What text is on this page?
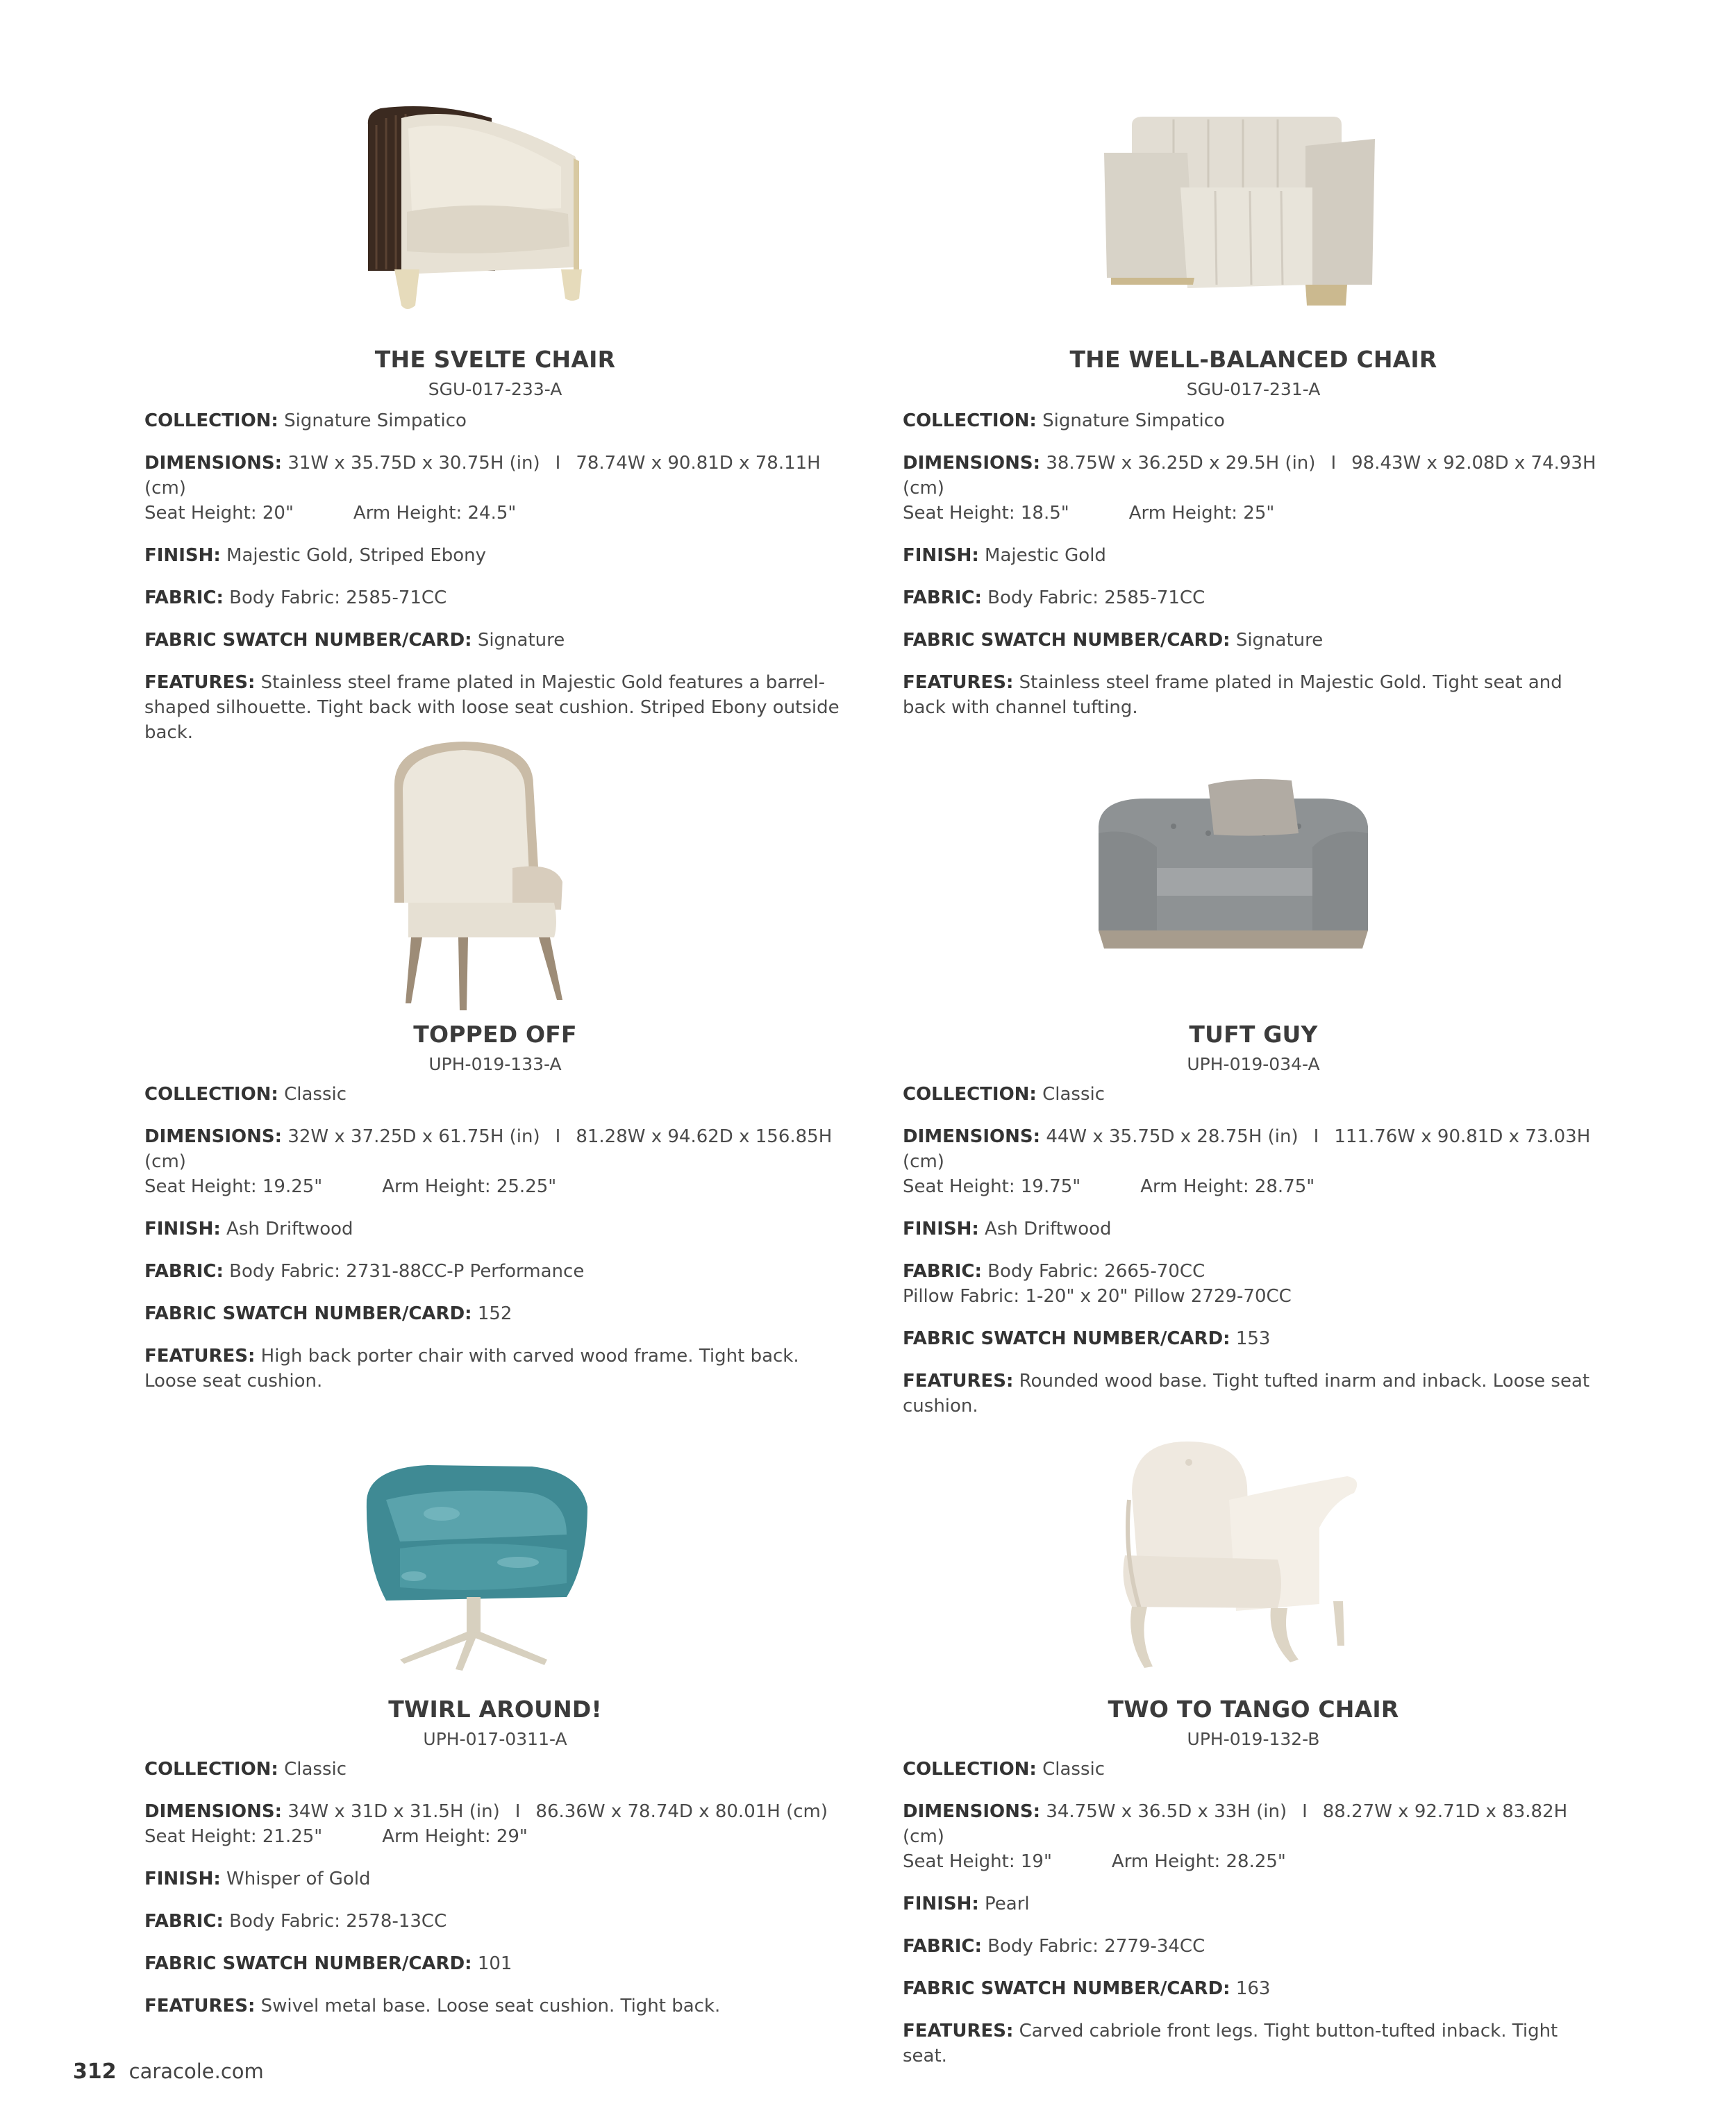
THE SVELTE CHAIR
SGU-017-233-A
COLLECTION: Signature Simpatico
DIMENSIONS: 31W x 35.75D x 30.75H (in) I 78.74W x 90.81D x 78.11H (cm)
Seat Height: 20"	Arm Height: 24.5"
FINISH: Majestic Gold, Striped Ebony
FABRIC: Body Fabric: 2585-71CC
FABRIC SWATCH NUMBER/CARD: Signature
FEATURES: Stainless steel frame plated in Majestic Gold features a barrel-shaped silhouette. Tight back with loose seat cushion. Striped Ebony outside back.
THE WELL-BALANCED CHAIR
SGU-017-231-A
COLLECTION: Signature Simpatico
DIMENSIONS: 38.75W x 36.25D x 29.5H (in) I 98.43W x 92.08D x 74.93H (cm)
Seat Height: 18.5"	Arm Height: 25"
FINISH: Majestic Gold
FABRIC: Body Fabric: 2585-71CC
FABRIC SWATCH NUMBER/CARD: Signature
FEATURES: Stainless steel frame plated in Majestic Gold. Tight seat and back with channel tufting.
TOPPED OFF
UPH-019-133-A
COLLECTION: Classic
DIMENSIONS: 32W x 37.25D x 61.75H (in) I 81.28W x 94.62D x 156.85H (cm)
Seat Height: 19.25"	Arm Height: 25.25"
FINISH: Ash Driftwood
FABRIC: Body Fabric: 2731-88CC-P Performance
FABRIC SWATCH NUMBER/CARD: 152
FEATURES: High back porter chair with carved wood frame. Tight back. Loose seat cushion.
TUFT GUY
UPH-019-034-A
COLLECTION: Classic
DIMENSIONS: 44W x 35.75D x 28.75H (in) I 111.76W x 90.81D x 73.03H (cm)
Seat Height: 19.75"	Arm Height: 28.75"
FINISH: Ash Driftwood
FABRIC: Body Fabric: 2665-70CC
Pillow Fabric: 1-20" x 20" Pillow 2729-70CC
FABRIC SWATCH NUMBER/CARD: 153
FEATURES: Rounded wood base. Tight tufted inarm and inback. Loose seat cushion.
TWIRL AROUND!
UPH-017-0311-A
COLLECTION: Classic
DIMENSIONS: 34W x 31D x 31.5H (in) I 86.36W x 78.74D x 80.01H (cm)
Seat Height: 21.25"	Arm Height: 29"
FINISH: Whisper of Gold
FABRIC: Body Fabric: 2578-13CC
FABRIC SWATCH NUMBER/CARD: 101
FEATURES: Swivel metal base. Loose seat cushion. Tight back.
TWO TO TANGO CHAIR
UPH-019-132-B
COLLECTION: Classic
DIMENSIONS: 34.75W x 36.5D x 33H (in) I 88.27W x 92.71D x 83.82H (cm)
Seat Height: 19"	Arm Height: 28.25"
FINISH: Pearl
FABRIC: Body Fabric: 2779-34CC
FABRIC SWATCH NUMBER/CARD: 163
FEATURES: Carved cabriole front legs. Tight button-tufted inback. Tight seat.
312 caracole.com
